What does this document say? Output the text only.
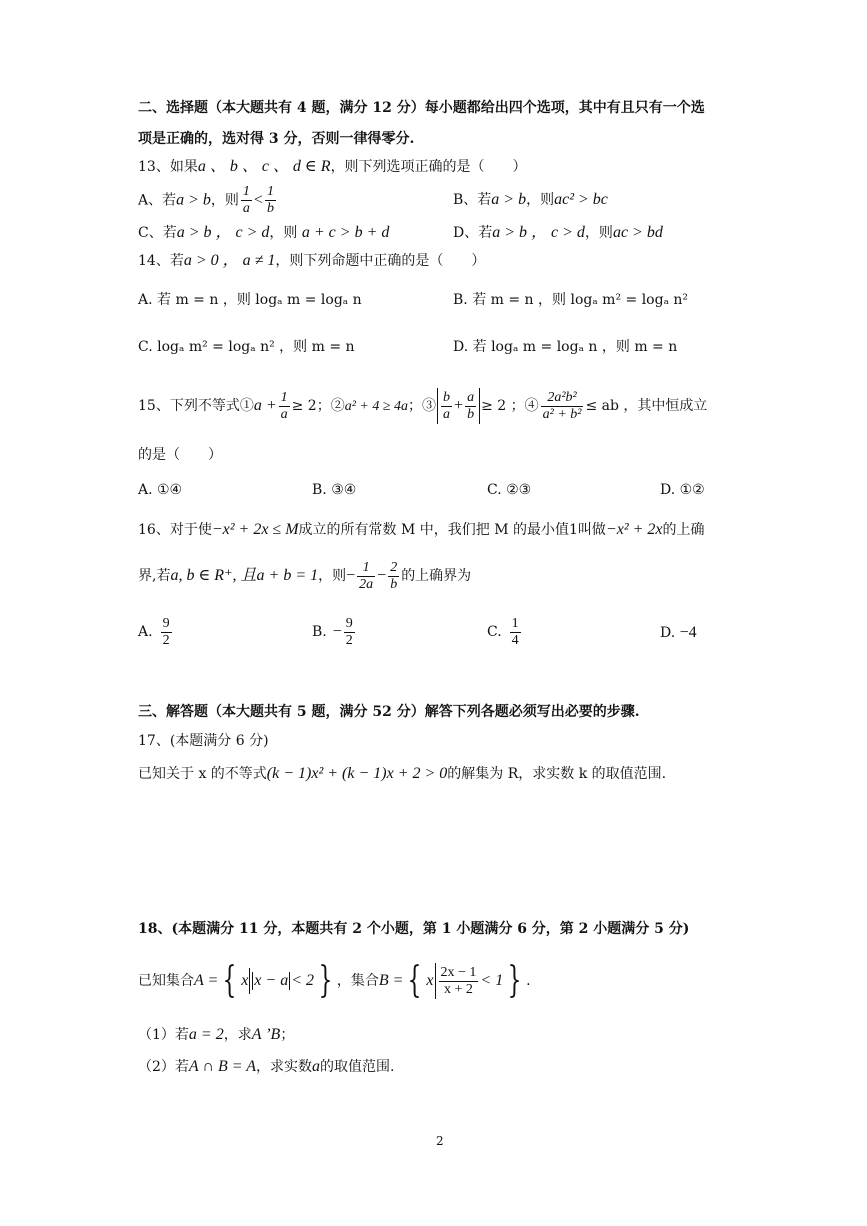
二、选择题（本大题共有 4 题，满分 12 分）每小题都给出四个选项，其中有且只有一个选
项是正确的，选对得 3 分，否则一律得零分.
13、如果a 、 b 、 c 、 d ∈ R，则下列选项正确的是（　　）
A、若a > b，则 $\frac{1}{a} < \frac{1}{b}$	B、若a > b，则ac² > bc
C、若a > b ， c > d，则 a + c > b + d	D、若a > b ， c > d，则ac > bd
14、若a > 0 ， a ≠ 1，则下列命题中正确的是（　　）
A. 若 m = n ，则 logₐ m = logₐ n	B. 若 m = n ，则 logₐ m² = logₐ n²
C. logₐ m² = logₐ n² ，则 m = n	D. 若 logₐ m = logₐ n ，则 m = n
15、下列不等式①a + $\frac{1}{a} \ge 2$；②a² + 4 ≥ 4a；③ $\frac{b}{a} + \frac{a}{b} \ge 2$ ；④ $\frac{\text{2a²b²}}{\text{a² + b²}}$ ≤ ab ，其中恒成立
的是（　　）
A. ①④	B. ③④	C. ②③	D. ①②
16、对于使−x² + 2x ≤ M成立的所有常数 M 中，我们把 M 的最小值1叫做−x² + 2x的上确
界,若a, b ∈ R⁺, 且a + b = 1，则− $\frac{1}{2a} - \frac{2}{b}$ 的上确界为
A. $\frac{9}{2}$	B. − $\frac{9}{2}$	C. $\frac{1}{4}$	D. −4
三、解答题（本大题共有 5 题，满分 52 分）解答下列各题必须写出必要的步骤.
17、(本题满分 6 分)
已知关于 x 的不等式(k − 1)x² + (k − 1)x + 2 > 0的解集为 R，求实数 k 的取值范围.
18、(本题满分 11 分，本题共有 2 个小题，第 1 小题满分 6 分，第 2 小题满分 5 分)
已知集合A = { x x − a < 2 } ，集合B = { x $\frac{2x - 1}{x + 2} < 1$ } .
（1）若a = 2，求A ʼB；
（2）若A ∩ B = A，求实数a的取值范围.
2
